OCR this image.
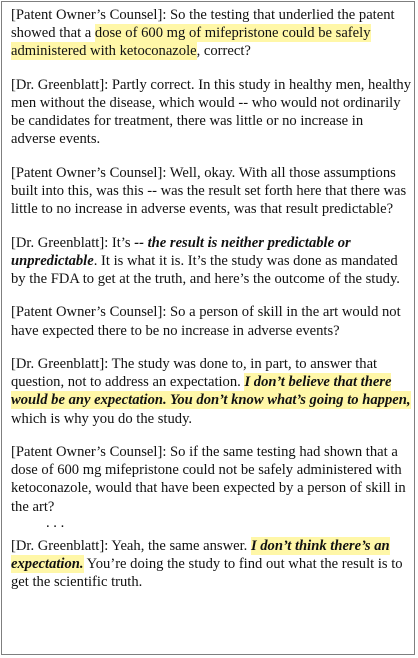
[Patent Owner’s Counsel]: So the testing that underlied the patent showed that a dose of 600 mg of mifepristone could be safely administered with ketoconazole, correct?

[Dr. Greenblatt]: Partly correct. In this study in healthy men, healthy men without the disease, which would -- who would not ordinarily be candidates for treatment, there was little or no increase in adverse events.

[Patent Owner’s Counsel]: Well, okay. With all those assumptions built into this, was this -- was the result set forth here that there was little to no increase in adverse events, was that result predictable?

[Dr. Greenblatt]: It’s -- the result is neither predictable or unpredictable. It is what it is. It’s the study was done as mandated by the FDA to get at the truth, and here’s the outcome of the study.

[Patent Owner’s Counsel]: So a person of skill in the art would not have expected there to be no increase in adverse events?

[Dr. Greenblatt]: The study was done to, in part, to answer that question, not to address an expectation. I don’t believe that there would be any expectation. You don’t know what’s going to happen, which is why you do the study.

[Patent Owner’s Counsel]: So if the same testing had shown that a dose of 600 mg mifepristone could not be safely administered with ketoconazole, would that have been expected by a person of skill in the art?

. . .

[Dr. Greenblatt]: Yeah, the same answer. I don’t think there’s an expectation. You’re doing the study to find out what the result is to get the scientific truth.
